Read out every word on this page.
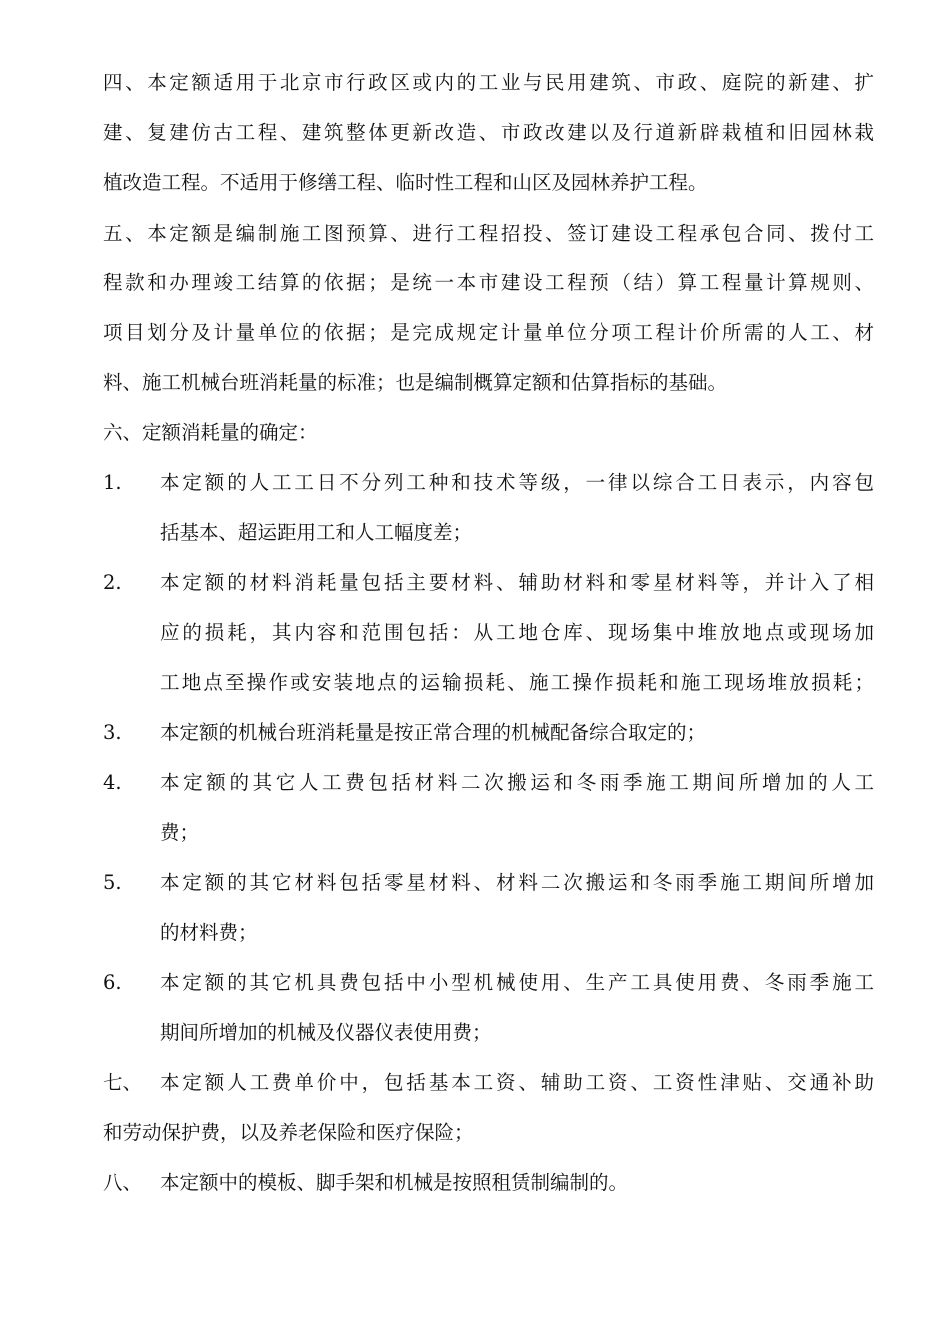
四、本定额适用于北京市行政区或内的工业与民用建筑、市政、庭院的新建、扩
建、复建仿古工程、建筑整体更新改造、市政改建以及行道新辟栽植和旧园林栽
植改造工程。不适用于修缮工程、临时性工程和山区及园林养护工程。
五、本定额是编制施工图预算、进行工程招投、签订建设工程承包合同、拨付工
程款和办理竣工结算的依据；是统一本市建设工程预（结）算工程量计算规则、
项目划分及计量单位的依据；是完成规定计量单位分项工程计价所需的人工、材
料、施工机械台班消耗量的标准；也是编制概算定额和估算指标的基础。
六、定额消耗量的确定：
1. 本定额的人工工日不分列工种和技术等级，一律以综合工日表示，内容包
括基本、超运距用工和人工幅度差；
2. 本定额的材料消耗量包括主要材料、辅助材料和零星材料等，并计入了相
应的损耗，其内容和范围包括：从工地仓库、现场集中堆放地点或现场加
工地点至操作或安装地点的运输损耗、施工操作损耗和施工现场堆放损耗；
3. 本定额的机械台班消耗量是按正常合理的机械配备综合取定的；
4. 本定额的其它人工费包括材料二次搬运和冬雨季施工期间所增加的人工
费；
5. 本定额的其它材料包括零星材料、材料二次搬运和冬雨季施工期间所增加
的材料费；
6. 本定额的其它机具费包括中小型机械使用、生产工具使用费、冬雨季施工
期间所增加的机械及仪器仪表使用费；
七、 本定额人工费单价中，包括基本工资、辅助工资、工资性津贴、交通补助
和劳动保护费，以及养老保险和医疗保险；
八、 本定额中的模板、脚手架和机械是按照租赁制编制的。
